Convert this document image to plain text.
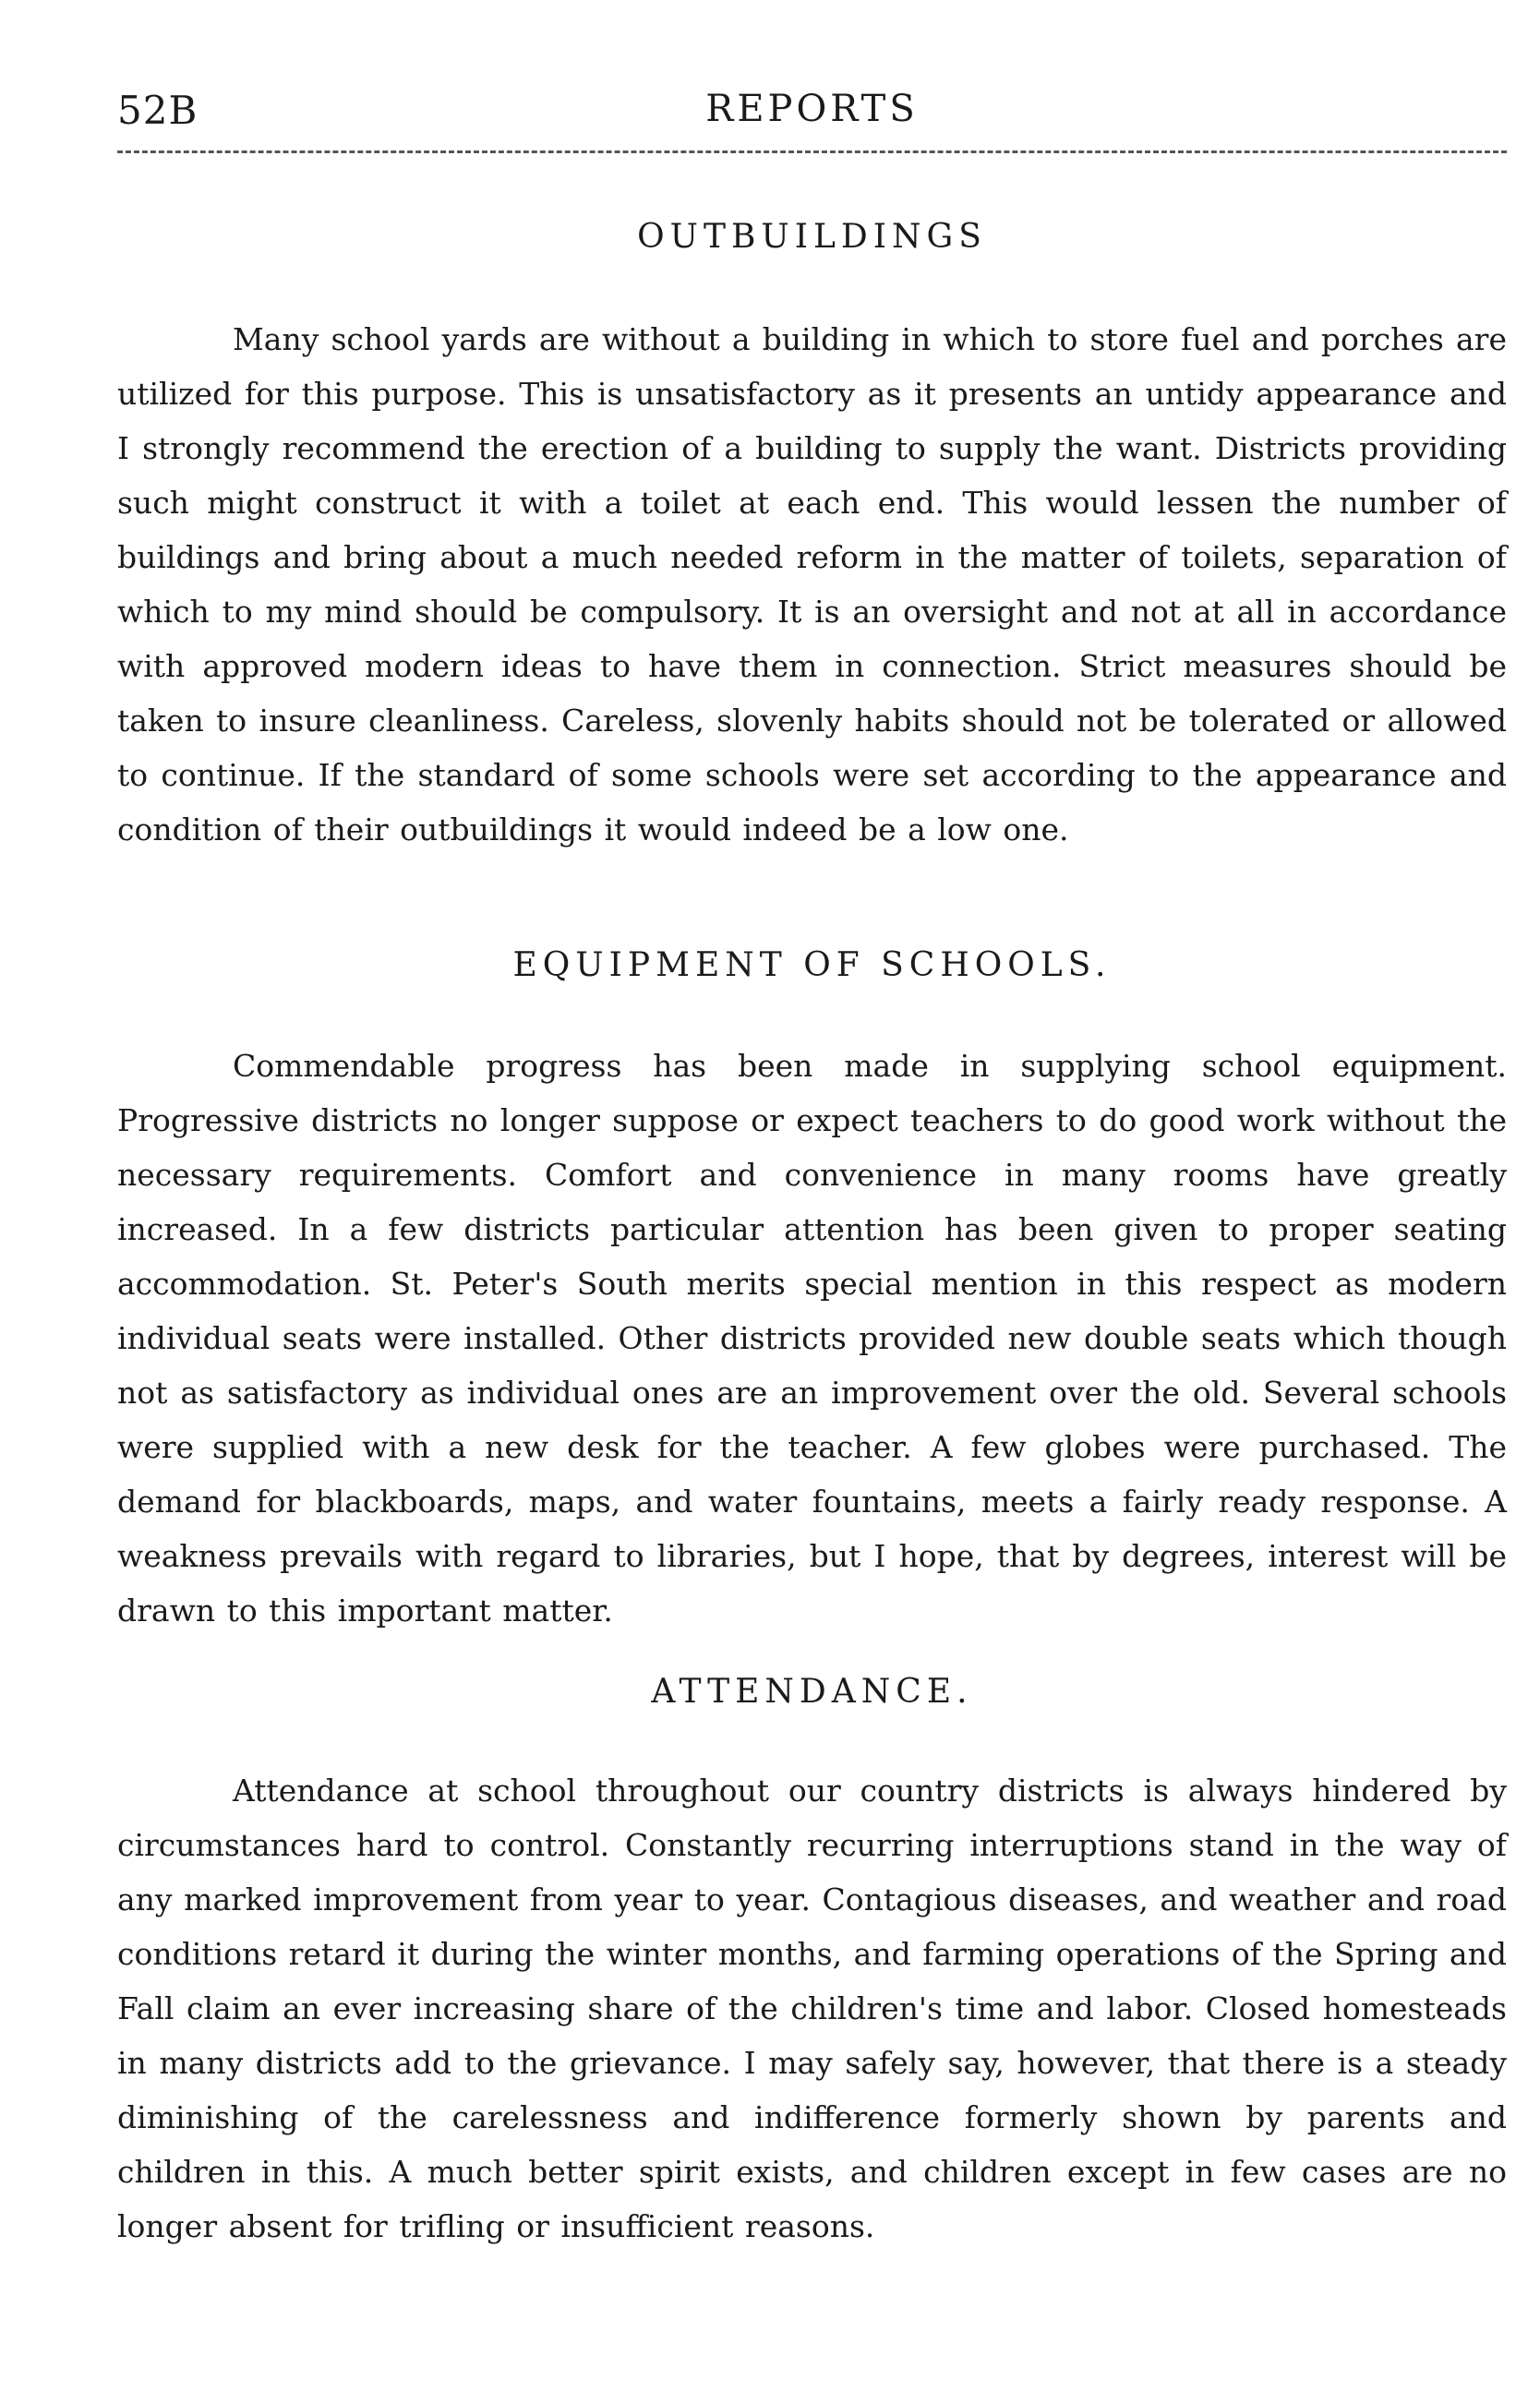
52B	REPORTS
OUTBUILDINGS

Many school yards are without a building in which to store fuel and porches are utilized for this purpose. This is unsatisfactory as it presents an untidy appearance and I strongly recommend the erection of a building to supply the want. Districts providing such might construct it with a toilet at each end. This would lessen the number of buildings and bring about a much needed reform in the matter of toilets, separation of which to my mind should be compulsory. It is an oversight and not at all in accordance with approved modern ideas to have them in connection. Strict measures should be taken to insure cleanliness. Careless, slovenly habits should not be tolerated or allowed to continue. If the standard of some schools were set according to the appearance and condition of their outbuildings it would indeed be a low one.

EQUIPMENT OF SCHOOLS.

Commendable progress has been made in supplying school equipment. Progressive districts no longer suppose or expect teachers to do good work without the necessary requirements. Comfort and convenience in many rooms have greatly increased. In a few districts particular attention has been given to proper seating accommodation. St. Peter's South merits special mention in this respect as modern individual seats were installed. Other districts provided new double seats which though not as satisfactory as individual ones are an improvement over the old. Several schools were supplied with a new desk for the teacher. A few globes were purchased. The demand for blackboards, maps, and water fountains, meets a fairly ready response. A weakness prevails with regard to libraries, but I hope, that by degrees, interest will be drawn to this important matter.

ATTENDANCE.

Attendance at school throughout our country districts is always hindered by circumstances hard to control. Constantly recurring interruptions stand in the way of any marked improvement from year to year. Contagious diseases, and weather and road conditions retard it during the winter months, and farming operations of the Spring and Fall claim an ever increasing share of the children's time and labor. Closed homesteads in many districts add to the grievance. I may safely say, however, that there is a steady diminishing of the carelessness and indifference formerly shown by parents and children in this. A much better spirit exists, and children except in few cases are no longer absent for trifling or insufficient reasons.
